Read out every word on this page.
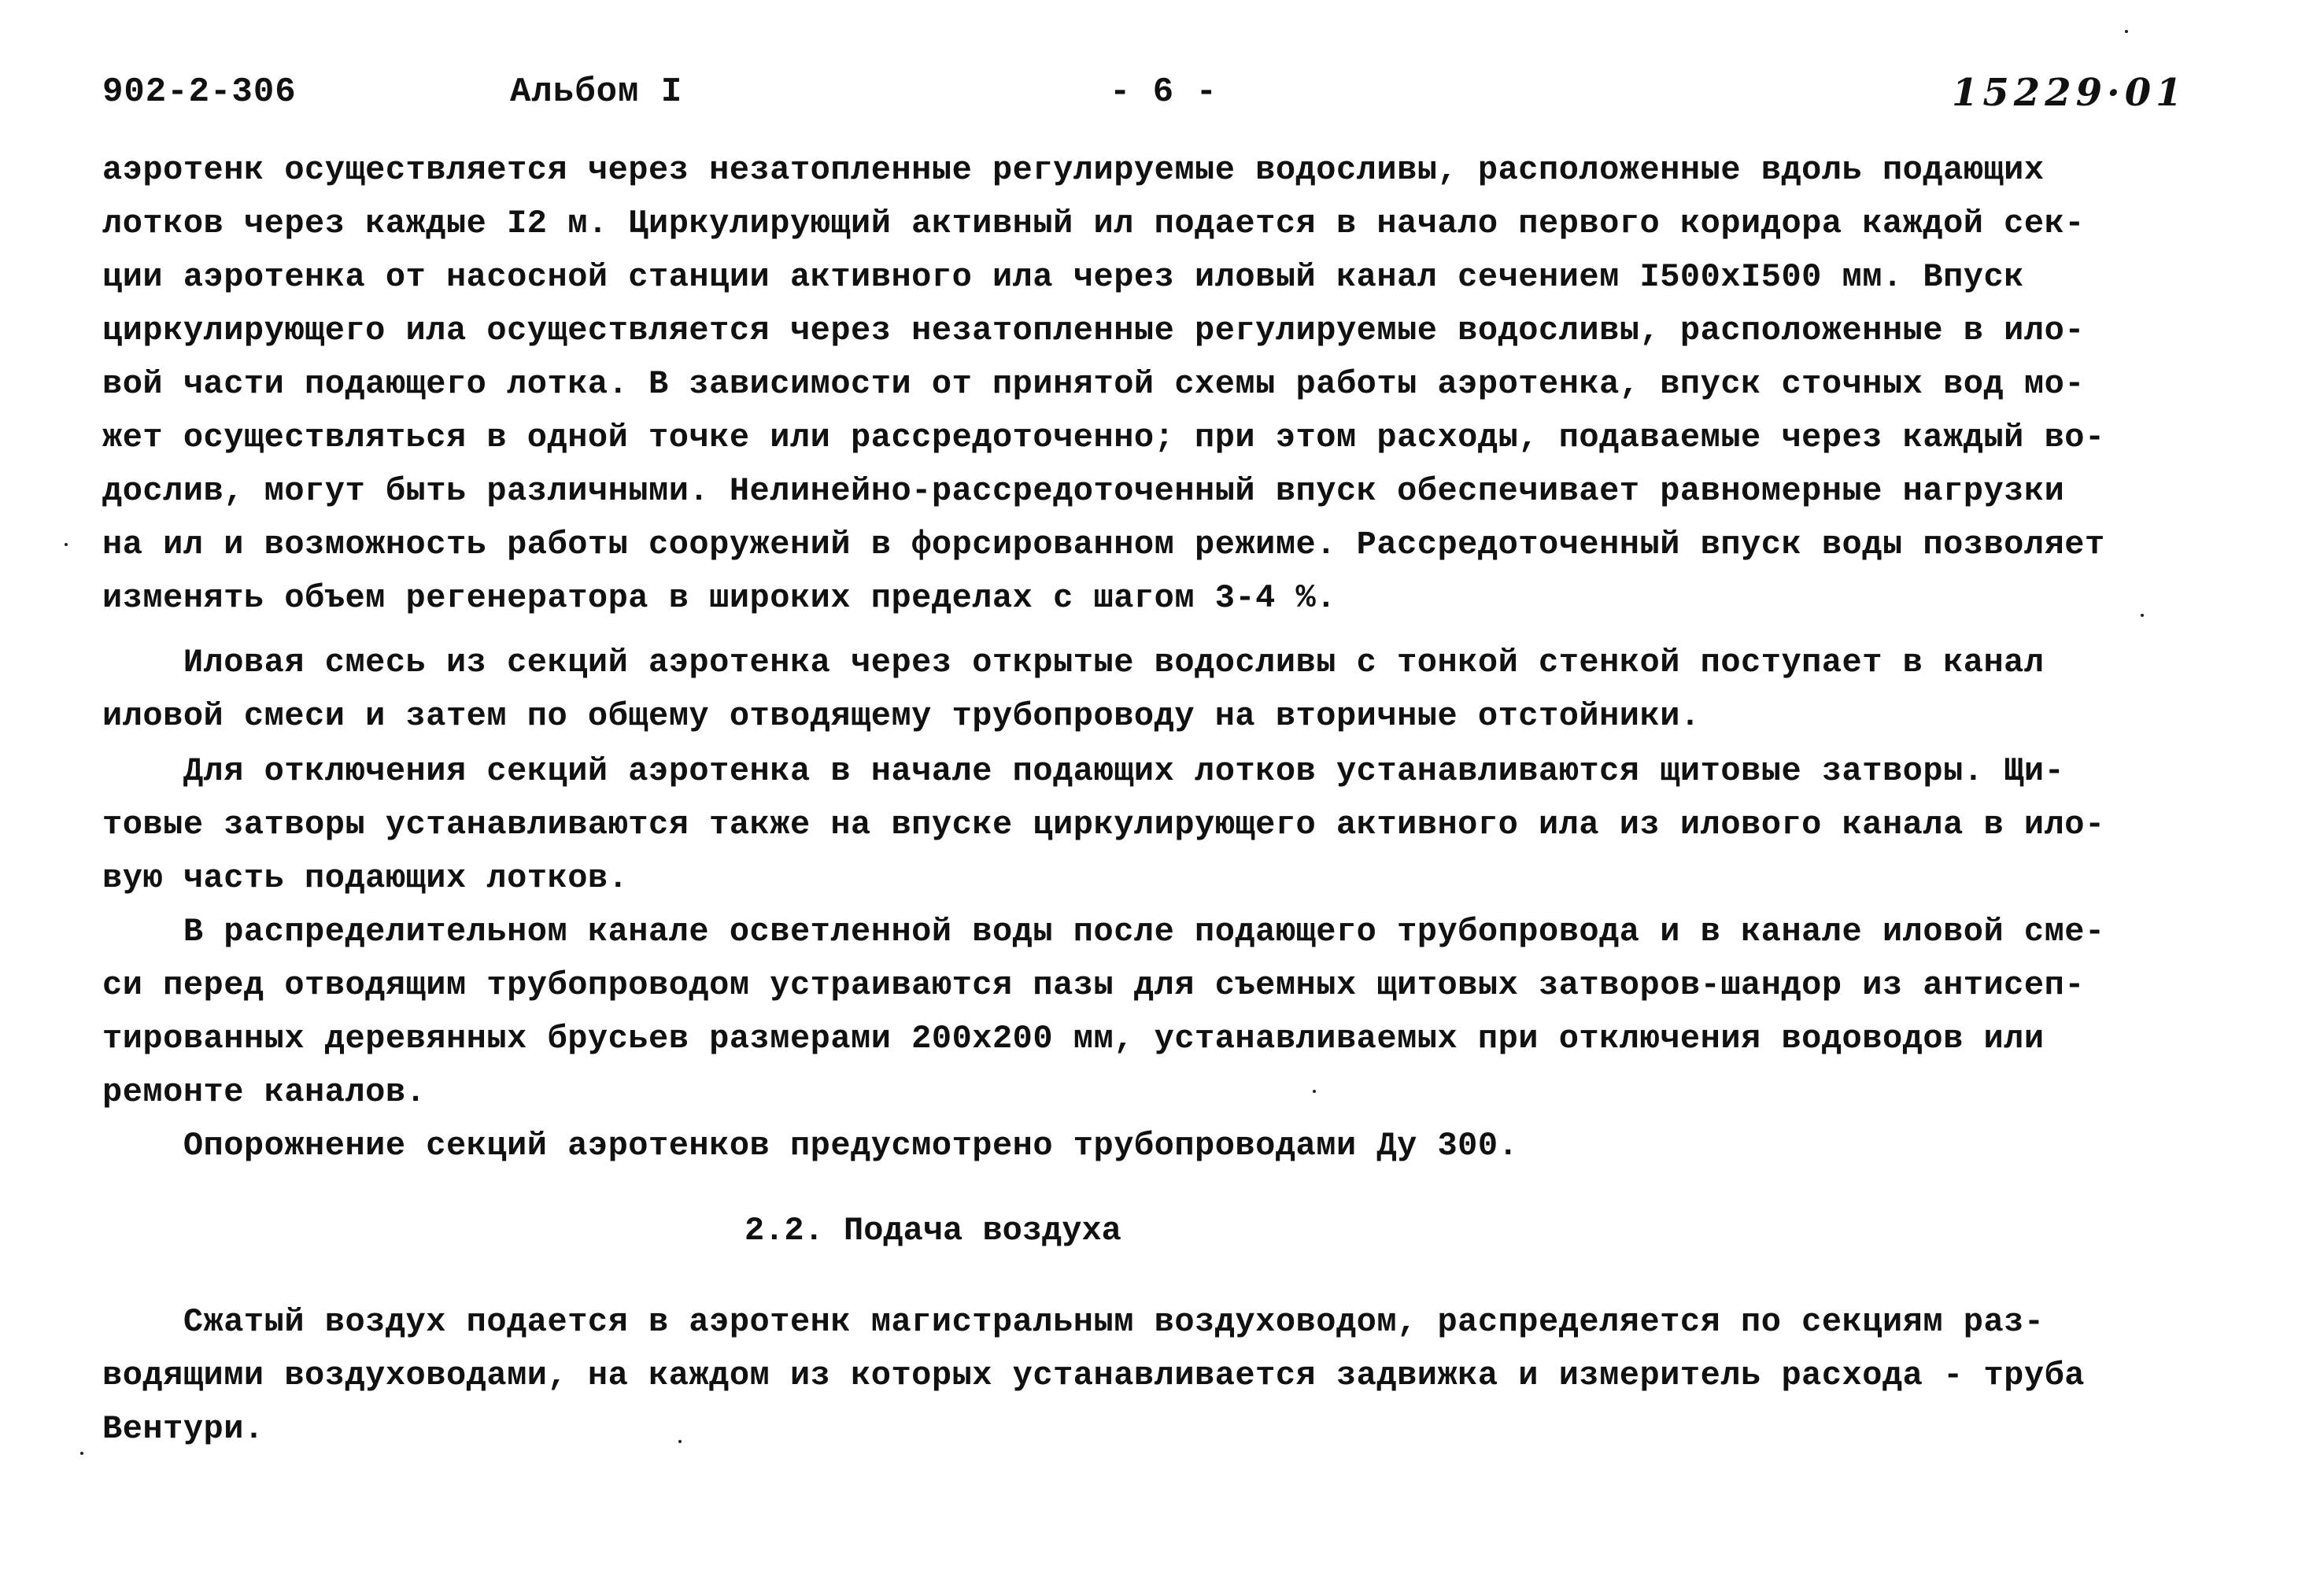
902-2-306	Альбом I	- 6 -	15229·01
аэротенк осуществляется через незатопленные регулируемые водосливы, расположенные вдоль подающих
лотков через каждые I2 м. Циркулирующий активный ил подается в начало первого коридора каждой сек-
ции аэротенка от насосной станции активного ила через иловый канал сечением I500xI500 мм. Впуск
циркулирующего ила осуществляется через незатопленные регулируемые водосливы, расположенные в ило-
вой части подающего лотка. В зависимости от принятой схемы работы аэротенка, впуск сточных вод мо-
жет осуществляться в одной точке или рассредоточенно; при этом расходы, подаваемые через каждый во-
дослив, могут быть различными. Нелинейно-рассредоточенный впуск обеспечивает равномерные нагрузки
на ил и возможность работы сооружений в форсированном режиме. Рассредоточенный впуск воды позволяет
изменять объем регенератора в широких пределах с шагом 3-4 %.
Иловая смесь из секций аэротенка через открытые водосливы с тонкой стенкой поступает в канал
иловой смеси и затем по общему отводящему трубопроводу на вторичные отстойники.
Для отключения секций аэротенка в начале подающих лотков устанавливаются щитовые затворы. Щи-
товые затворы устанавливаются также на впуске циркулирующего активного ила из илового канала в ило-
вую часть подающих лотков.
В распределительном канале осветленной воды после подающего трубопровода и в канале иловой сме-
си перед отводящим трубопроводом устраиваются пазы для съемных щитовых затворов-шандор из антисеп-
тированных деревянных брусьев размерами 200x200 мм, устанавливаемых при отключения водоводов или
ремонте каналов.
Опорожнение секций аэротенков предусмотрено трубопроводами Ду 300.
2.2. Подача воздуха
Сжатый воздух подается в аэротенк магистральным воздуховодом, распределяется по секциям раз-
водящими воздуховодами, на каждом из которых устанавливается задвижка и измеритель расхода - труба
Вентури.
